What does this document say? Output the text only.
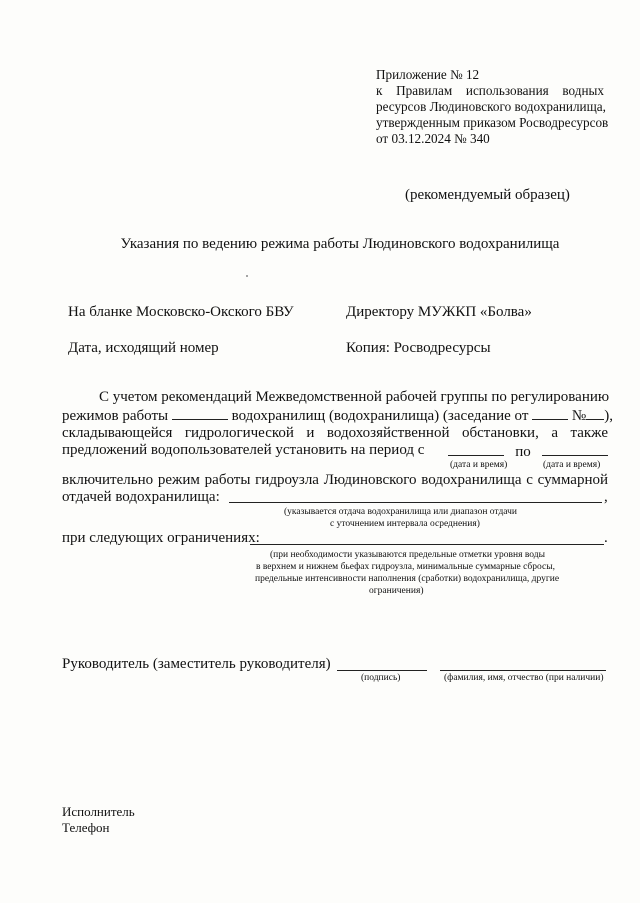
Приложение № 12
к Правилам использования водных
ресурсов Людиновского водохранилища,
утвержденным приказом Росводресурсов
от 03.12.2024 № 340
(рекомендуемый образец)
Указания по ведению режима работы Людиновского водохранилища
На бланке Московско-Окского БВУ	Директору МУЖКП «Болва»
Дата, исходящий номер	Копия: Росводресурсы
С учетом рекомендаций Межведомственной рабочей группы по регулированию
режимов работы	водохранилищ (водохранилища) (заседание от	№ ),
складывающейся гидрологической и водохозяйственной обстановки, а также
предложений водопользователей установить на период с	по
(дата и время)	(дата и время)
включительно режим работы гидроузла Людиновского водохранилища с суммарной
отдачей водохранилища:	,
(указывается отдача водохранилища или диапазон отдачи
с уточнением интервала осреднения)
при следующих ограничениях:	.
(при необходимости указываются предельные отметки уровня воды
в верхнем и нижнем бьефах гидроузла, минимальные суммарные сбросы,
предельные интенсивности наполнения (сработки) водохранилища, другие
ограничения)
Руководитель (заместитель руководителя)
(подпись)	(фамилия, имя, отчество (при наличии)
Исполнитель
Телефон
